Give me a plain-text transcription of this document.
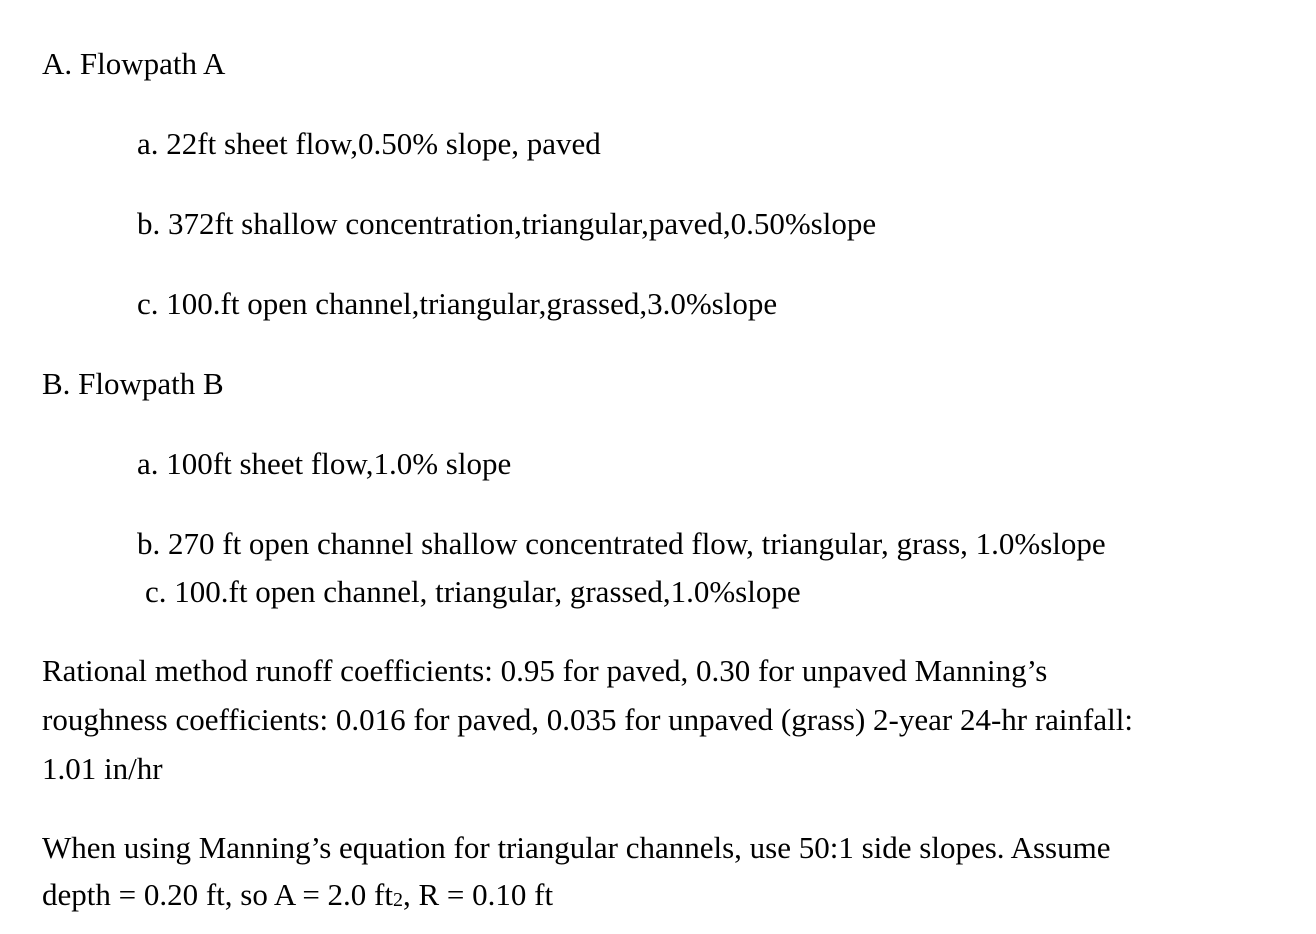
A. Flowpath A
a. 22ft sheet flow,0.50% slope, paved
b. 372ft shallow concentration,triangular,paved,0.50%slope
c. 100.ft open channel,triangular,grassed,3.0%slope
B. Flowpath B
a. 100ft sheet flow,1.0% slope
b. 270 ft open channel shallow concentrated flow, triangular, grass, 1.0%slope
c. 100.ft open channel, triangular, grassed,1.0%slope
Rational method runoff coefficients: 0.95 for paved, 0.30 for unpaved Manning’s
roughness coefficients: 0.016 for paved, 0.035 for unpaved (grass) 2-year 24-hr rainfall:
1.01 in/hr
When using Manning’s equation for triangular channels, use 50:1 side slopes. Assume
depth = 0.20 ft, so A = 2.0 ft2, R = 0.10 ft
